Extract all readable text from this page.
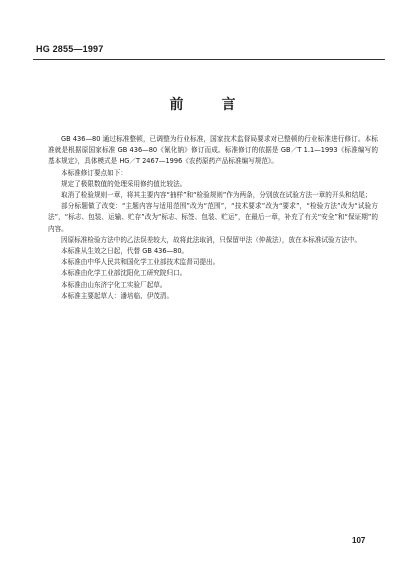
HG 2855—1997
前　言

GB 436—80 通过标准整顿，已调整为行业标准，国家技术监督局要求对已整顿的行业标准进行修订。本标准就是根据原国家标准 GB 436—80《氰化钠》修订而成。标准修订的依据是 GB／T 1.1—1993《标准编写的基本规定》，具体模式是 HG／T 2467—1996《农药原药产品标准编写规范》。

本标准修订要点如下：

规定了极限数值的处理采用修约值比较法。

取消了检验规则一章，将其主要内容“抽样”和“检验规则”作为两条，分别放在试验方法一章的开头和结尾；

部分标题做了改变：“主题内容与适用范围”改为“范围”，“技术要求”改为“要求”，“检验方法”改为“试验方法”，“标志、包装、运输、贮存”改为“标志、标签、包装、贮运”，在最后一章，补充了有关“安全”和“保证期”的内容。

因原标准检验方法中的乙法误差较大，故将此法取消，只保留甲法（仲裁法），放在本标准试验方法中。

本标准从生效之日起，代替 GB 436—80。

本标准由中华人民共和国化学工业部技术监督司提出。

本标准由化学工业部沈阳化工研究院归口。

本标准由山东济宁化工实验厂起草。

本标准主要起草人：潘培临、伊茂清。

107
